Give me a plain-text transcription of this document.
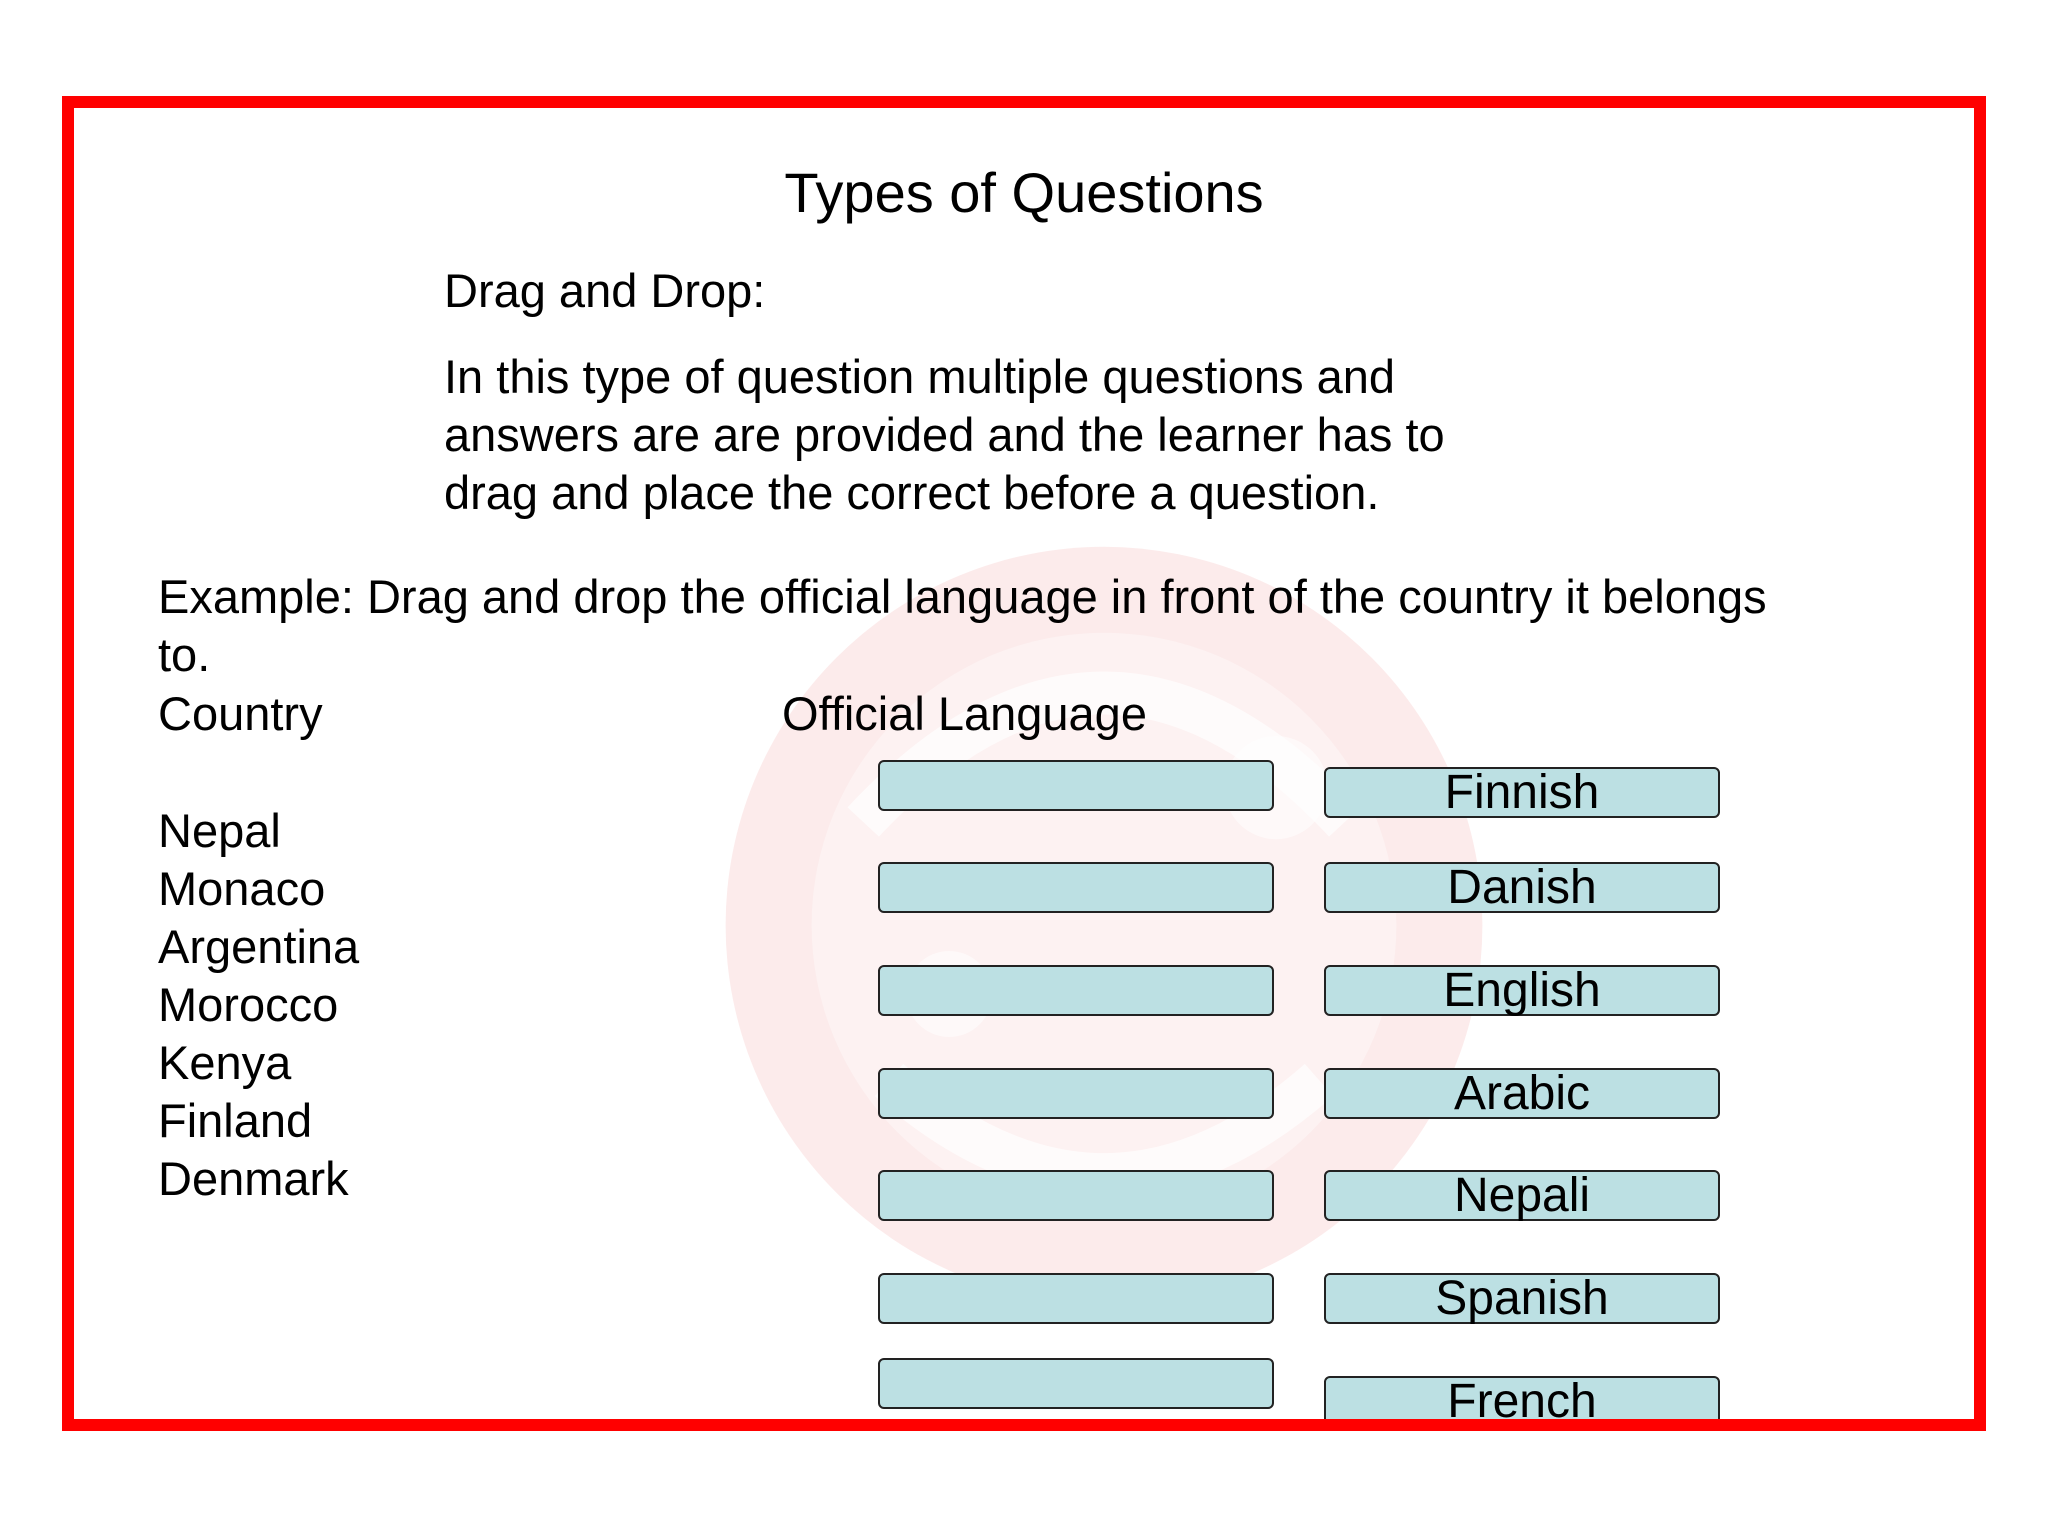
Types of Questions
Drag and Drop:
In this type of question multiple questions and
answers are are provided and the learner has to
drag and place the correct before a question.
Example: Drag and drop the official language in front of the country it belongs
to.
Country	Official Language
Nepal
Monaco
Argentina
Morocco
Kenya
Finland
Denmark
Finnish
Danish
English
Arabic
Nepali
Spanish
French
